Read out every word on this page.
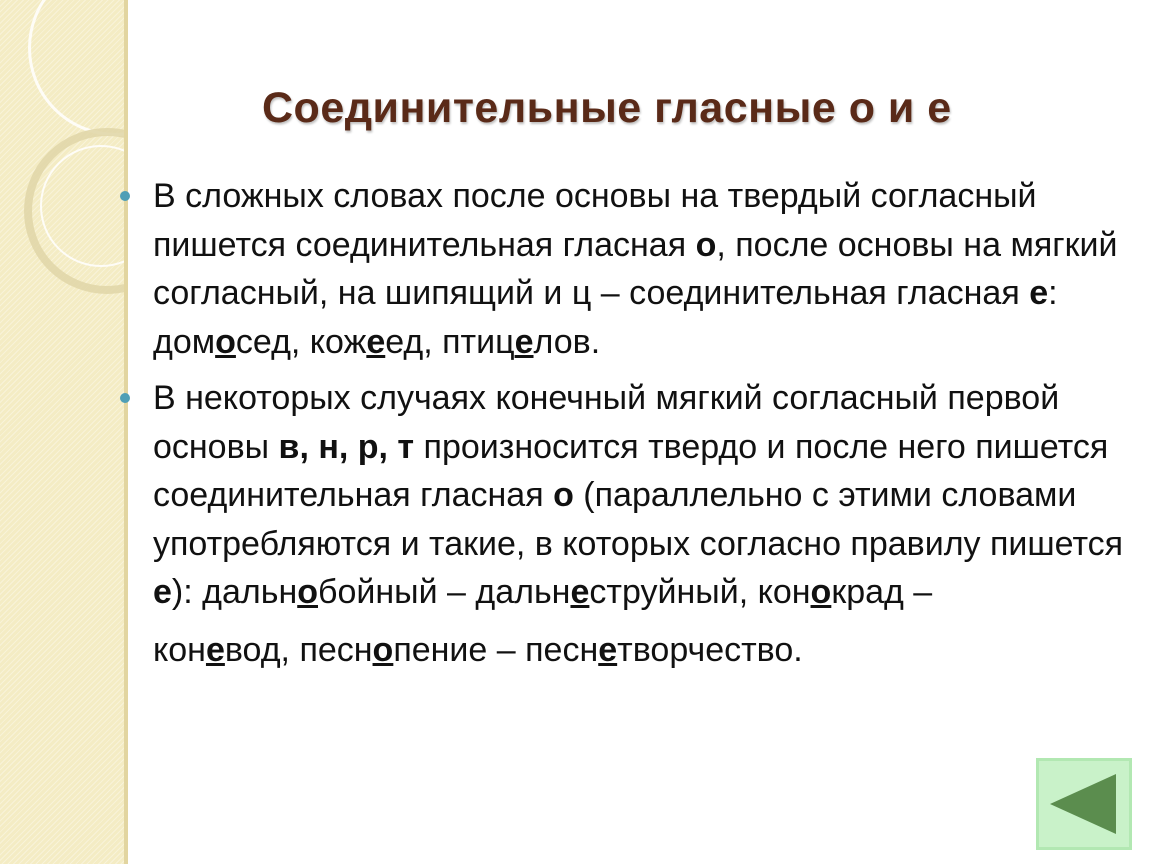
Соединительные гласные о и е
В сложных словах после основы на твердый согласный пишется соединительная гласная о, после основы на мягкий согласный, на шипящий и ц – соединительная гласная е: домосед, кожеед, птицелов.
В некоторых случаях конечный мягкий согласный первой основы в, н, р, т произносится твердо и после него пишется соединительная гласная о (параллельно с этими словами употребляются и такие, в которых согласно правилу пишется е): дальнобойный – дальнеструйный, конокрад –
коневод, песнопение – песнетворчество.
